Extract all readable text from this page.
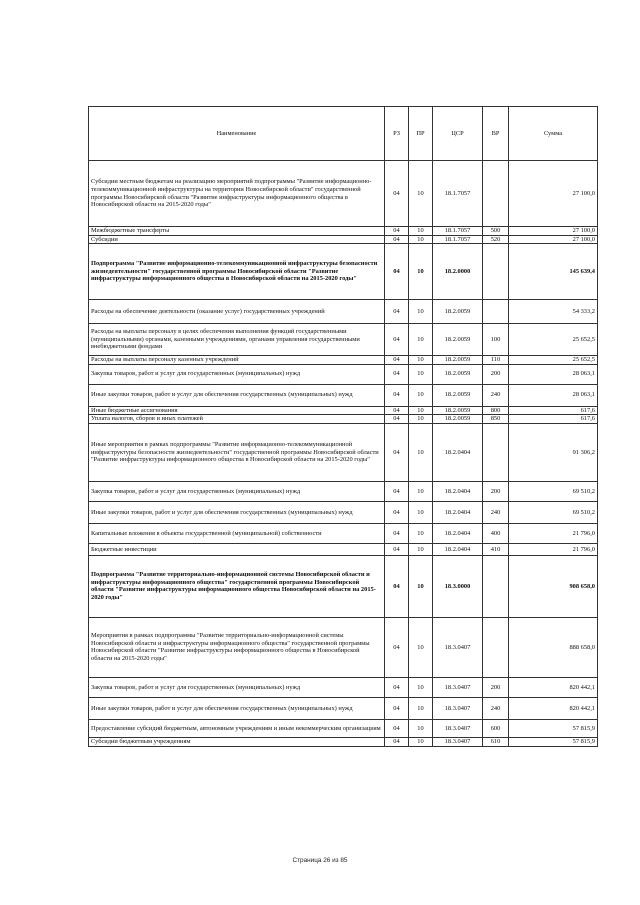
Наименование	РЗ	ПР	ЦСР	ВР	Сумма
Субсидии местным бюджетам на реализацию мероприятий подпрограммы "Развитие информационно-телекоммуникационной инфраструктуры на территории Новосибирской области" государственной программы Новосибирской области "Развитие инфраструктуры информационного общества в Новосибирской области на 2015-2020 годы"	04	10	18.1.7057		27 100,0
Межбюджетные трансферты	04	10	18.1.7057	500	27 100,0
Субсидии	04	10	18.1.7057	520	27 100,0
Подпрограмма "Развитие информационно-телекоммуникационной инфраструктуры безопасности жизнедеятельности" государственной программы Новосибирской области "Развитие инфраструктуры информационного общества в Новосибирской области на 2015-2020 годы"	04	10	18.2.0000		145 639,4
Расходы на обеспечение деятельности (оказание услуг) государственных учреждений	04	10	18.2.0059		54 333,2
Расходы на выплаты персоналу в целях обеспечения выполнения функций государственными (муниципальными) органами, казенными учреждениями, органами управления государственными внебюджетными фондами	04	10	18.2.0059	100	25 652,5
Расходы на выплаты персоналу казенных учреждений	04	10	18.2.0059	110	25 652,5
Закупка товаров, работ и услуг для государственных (муниципальных) нужд	04	10	18.2.0059	200	28 063,1
Иные закупки товаров, работ и услуг для обеспечения государственных (муниципальных) нужд	04	10	18.2.0059	240	28 063,1
Иные бюджетные ассигнования	04	10	18.2.0059	800	617,6
Уплата налогов, сборов и иных платежей	04	10	18.2.0059	850	617,6
Иные мероприятия в рамках подпрограммы "Развитие информационно-телекоммуникационной инфраструктуры безопасности жизнедеятельности" государственной программы Новосибирской области "Развитие инфраструктуры информационного общества в Новосибирской области на 2015-2020 годы"	04	10	18.2.0404		91 306,2
Закупка товаров, работ и услуг для государственных (муниципальных) нужд	04	10	18.2.0404	200	69 510,2
Иные закупки товаров, работ и услуг для обеспечения государственных (муниципальных) нужд	04	10	18.2.0404	240	69 510,2
Капитальные вложения в объекты государственной (муниципальной) собственности	04	10	18.2.0404	400	21 796,0
Бюджетные инвестиции	04	10	18.2.0404	410	21 796,0
Подпрограмма "Развитие территориально-информационной системы Новосибирской области и инфраструктуры информационного общества" государственной программы Новосибирской области "Развитие инфраструктуры информационного общества Новосибирской области на 2015-2020 годы"	04	10	18.3.0000		908 658,0
Мероприятия в рамках подпрограммы "Развитие территориально-информационной системы Новосибирской области и инфраструктуры информационного общества" государственной программы Новосибирской области "Развитие инфраструктуры информационного общества в Новосибирской области на 2015-2020 годы"	04	10	18.3.0407		888 658,0
Закупка товаров, работ и услуг для государственных (муниципальных) нужд	04	10	18.3.0407	200	820 442,1
Иные закупки товаров, работ и услуг для обеспечения государственных (муниципальных) нужд	04	10	18.3.0407	240	820 442,1
Предоставление субсидий бюджетным, автономным учреждениям и иным некоммерческим организациям	04	10	18.3.0407	600	57 815,9
Субсидии бюджетным учреждениям	04	10	18.3.0407	610	57 815,9
Страница 26 из 85
